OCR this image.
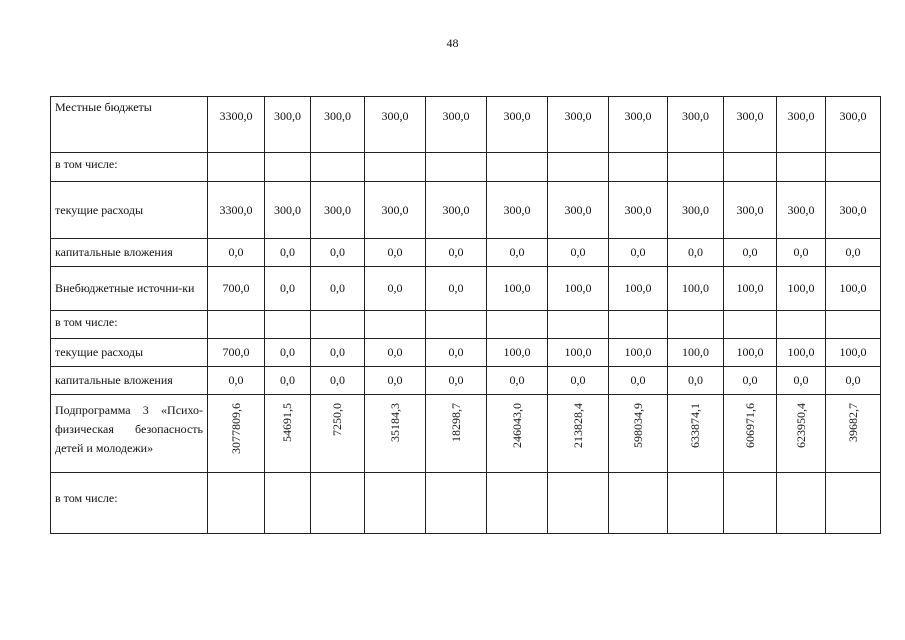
48
Местные бюджеты	3300,0	300,0	300,0	300,0	300,0	300,0	300,0	300,0	300,0	300,0	300,0	300,0
в том числе:												
текущие расходы	3300,0	300,0	300,0	300,0	300,0	300,0	300,0	300,0	300,0	300,0	300,0	300,0
капитальные вложения	0,0	0,0	0,0	0,0	0,0	0,0	0,0	0,0	0,0	0,0	0,0	0,0
Внебюджетные источни-ки	700,0	0,0	0,0	0,0	0,0	100,0	100,0	100,0	100,0	100,0	100,0	100,0
в том числе:												
текущие расходы	700,0	0,0	0,0	0,0	0,0	100,0	100,0	100,0	100,0	100,0	100,0	100,0
капитальные вложения	0,0	0,0	0,0	0,0	0,0	0,0	0,0	0,0	0,0	0,0	0,0	0,0
Подпрограмма 3 «Психо-физическая безопасность детей и молодежи»	3077809,6	54691,5	7250,0	35184,3	18298,7	246043,0	213828,4	598034,9	633874,1	606971,6	623950,4	39682,7
в том числе:												
